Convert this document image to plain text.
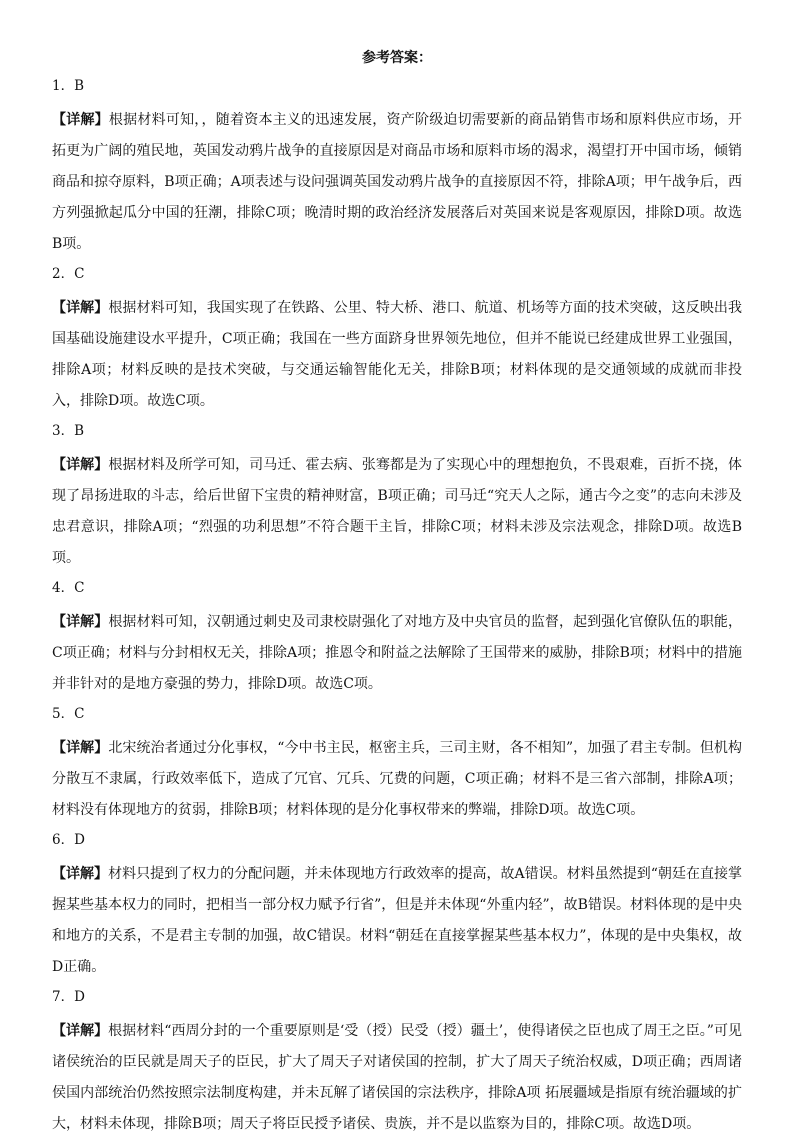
参考答案：
1．B
【详解】根据材料可知，，随着资本主义的迅速发展，资产阶级迫切需要新的商品销售市场和原料供应市场，开拓更为广阔的殖民地，英国发动鸦片战争的直接原因是对商品市场和原料市场的渴求，渴望打开中国市场，倾销商品和掠夺原料，B项正确；A项表述与设问强调英国发动鸦片战争的直接原因不符，排除A项；甲午战争后，西方列强掀起瓜分中国的狂潮，排除C项；晚清时期的政治经济发展落后对英国来说是客观原因，排除D项。故选B项。
2．C
【详解】根据材料可知，我国实现了在铁路、公里、特大桥、港口、航道、机场等方面的技术突破，这反映出我国基础设施建设水平提升，C项正确；我国在一些方面跻身世界领先地位，但并不能说已经建成世界工业强国，排除A项；材料反映的是技术突破，与交通运输智能化无关，排除B项；材料体现的是交通领域的成就而非投入，排除D项。故选C项。
3．B
【详解】根据材料及所学可知，司马迁、霍去病、张骞都是为了实现心中的理想抱负，不畏艰难，百折不挠，体现了昂扬进取的斗志，给后世留下宝贵的精神财富，B项正确；司马迁“究天人之际，通古今之变”的志向未涉及忠君意识，排除A项；“烈强的功利思想”不符合题干主旨，排除C项；材料未涉及宗法观念，排除D项。故选B项。
4．C
【详解】根据材料可知，汉朝通过刺史及司隶校尉强化了对地方及中央官员的监督，起到强化官僚队伍的职能，C项正确；材料与分封相权无关，排除A项；推恩令和附益之法解除了王国带来的威胁，排除B项；材料中的措施并非针对的是地方豪强的势力，排除D项。故选C项。
5．C
【详解】北宋统治者通过分化事权，“今中书主民，枢密主兵，三司主财，各不相知”，加强了君主专制。但机构分散互不隶属，行政效率低下，造成了冗官、冗兵、冗费的问题，C项正确；材料不是三省六部制，排除A项；材料没有体现地方的贫弱，排除B项；材料体现的是分化事权带来的弊端，排除D项。故选C项。
6．D
【详解】材料只提到了权力的分配问题，并未体现地方行政效率的提高，故A错误。材料虽然提到“朝廷在直接掌握某些基本权力的同时，把相当一部分权力赋予行省”，但是并未体现“外重内轻”，故B错误。材料体现的是中央和地方的关系，不是君主专制的加强，故C错误。材料“朝廷在直接掌握某些基本权力”，体现的是中央集权，故D正确。
7．D
【详解】根据材料“西周分封的一个重要原则是‘受（授）民受（授）疆土’，使得诸侯之臣也成了周王之臣。”可见诸侯统治的臣民就是周天子的臣民，扩大了周天子对诸侯国的控制，扩大了周天子统治权威，D项正确；西周诸侯国内部统治仍然按照宗法制度构建，并未瓦解了诸侯国的宗法秩序，排除A项 拓展疆域是指原有统治疆域的扩大，材料未体现，排除B项；周天子将臣民授予诸侯、贵族，并不是以监察为目的，排除C项。故选D项。
